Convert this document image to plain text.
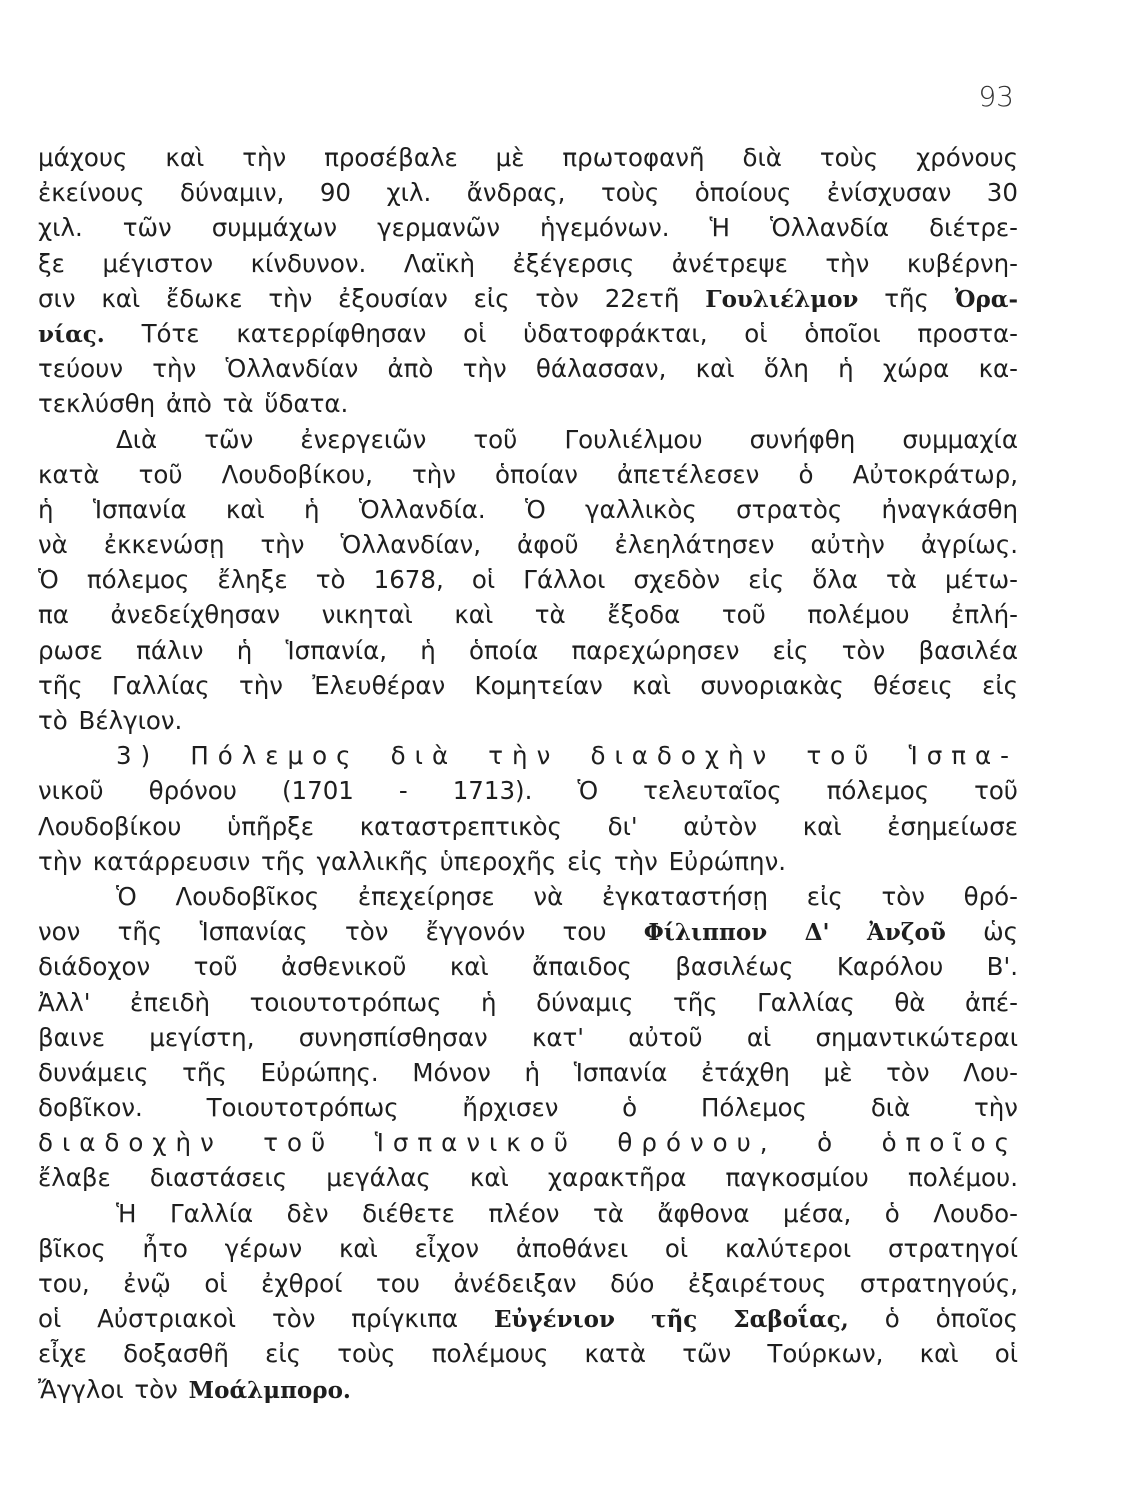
93
μάχους καὶ τὴν προσέβαλε μὲ πρωτοφανῆ διὰ τοὺς χρόνους
ἐκείνους δύναμιν, 90 χιλ. ἄνδρας, τοὺς ὁποίους ἐνίσχυσαν 30
χιλ. τῶν συμμάχων γερμανῶν ἡγεμόνων. Ἡ Ὁλλανδία διέτρε-
ξε μέγιστον κίνδυνον. Λαϊκὴ ἐξέγερσις ἀνέτρεψε τὴν κυβέρνη-
σιν καὶ ἔδωκε τὴν ἐξουσίαν εἰς τὸν 22ετῆ Γουλιέλμον τῆς Ὀρα-
νίας. Τότε κατερρίφθησαν οἱ ὑδατοφράκται, οἱ ὁποῖοι προστα-
τεύουν τὴν Ὁλλανδίαν ἀπὸ τὴν θάλασσαν, καὶ ὅλη ἡ χώρα κα-
τεκλύσθη ἀπὸ τὰ ὕδατα.
Διὰ τῶν ἐνεργειῶν τοῦ Γουλιέλμου συνήφθη συμμαχία
κατὰ τοῦ Λουδοβίκου, τὴν ὁποίαν ἀπετέλεσεν ὁ Αὐτοκράτωρ,
ἡ Ἱσπανία καὶ ἡ Ὁλλανδία. Ὁ γαλλικὸς στρατὸς ἠναγκάσθη
νὰ ἐκκενώσῃ τὴν Ὁλλανδίαν, ἀφοῦ ἐλεηλάτησεν αὐτὴν ἀγρίως.
Ὁ πόλεμος ἔληξε τὸ 1678, οἱ Γάλλοι σχεδὸν εἰς ὅλα τὰ μέτω-
πα ἀνεδείχθησαν νικηταὶ καὶ τὰ ἔξοδα τοῦ πολέμου ἐπλή-
ρωσε πάλιν ἡ Ἱσπανία, ἡ ὁποία παρεχώρησεν εἰς τὸν βασιλέα
τῆς Γαλλίας τὴν Ἐλευθέραν Κομητείαν καὶ συνοριακὰς θέσεις εἰς
τὸ Βέλγιον.
3) Πόλεμος διὰ τὴν διαδοχὴν τοῦ Ἱσπα-
νικοῦ θρόνου (1701 - 1713). Ὁ τελευταῖος πόλεμος τοῦ
Λουδοβίκου ὑπῆρξε καταστρεπτικὸς δι' αὐτὸν καὶ ἐσημείωσε
τὴν κατάρρευσιν τῆς γαλλικῆς ὑπεροχῆς εἰς τὴν Εὐρώπην.
Ὁ Λουδοβῖκος ἐπεχείρησε νὰ ἐγκαταστήσῃ εἰς τὸν θρό-
νον τῆς Ἱσπανίας τὸν ἔγγονόν του Φίλιππον Δ' Ἀνζοῦ ὡς
διάδοχον τοῦ ἀσθενικοῦ καὶ ἄπαιδος βασιλέως Καρόλου Β'.
Ἀλλ' ἐπειδὴ τοιουτοτρόπως ἡ δύναμις τῆς Γαλλίας θὰ ἀπέ-
βαινε μεγίστη, συνησπίσθησαν κατ' αὐτοῦ αἱ σημαντικώτεραι
δυνάμεις τῆς Εὐρώπης. Μόνον ἡ Ἱσπανία ἐτάχθη μὲ τὸν Λου-
δοβῖκον. Τοιουτοτρόπως ἤρχισεν ὁ Πόλεμος διὰ τὴν
διαδοχὴν τοῦ Ἱσπανικοῦ θρόνου, ὁ ὁποῖος
ἔλαβε διαστάσεις μεγάλας καὶ χαρακτῆρα παγκοσμίου πολέμου.
Ἡ Γαλλία δὲν διέθετε πλέον τὰ ἄφθονα μέσα, ὁ Λουδο-
βῖκος ἦτο γέρων καὶ εἶχον ἀποθάνει οἱ καλύτεροι στρατηγοί
του, ἐνῷ οἱ ἐχθροί του ἀνέδειξαν δύο ἐξαιρέτους στρατηγούς,
οἱ Αὐστριακοὶ τὸν πρίγκιπα Εὐγένιον τῆς Σαβοΐας, ὁ ὁποῖος
εἶχε δοξασθῆ εἰς τοὺς πολέμους κατὰ τῶν Τούρκων, καὶ οἱ
Ἄγγλοι τὸν Μοάλμπορο.
